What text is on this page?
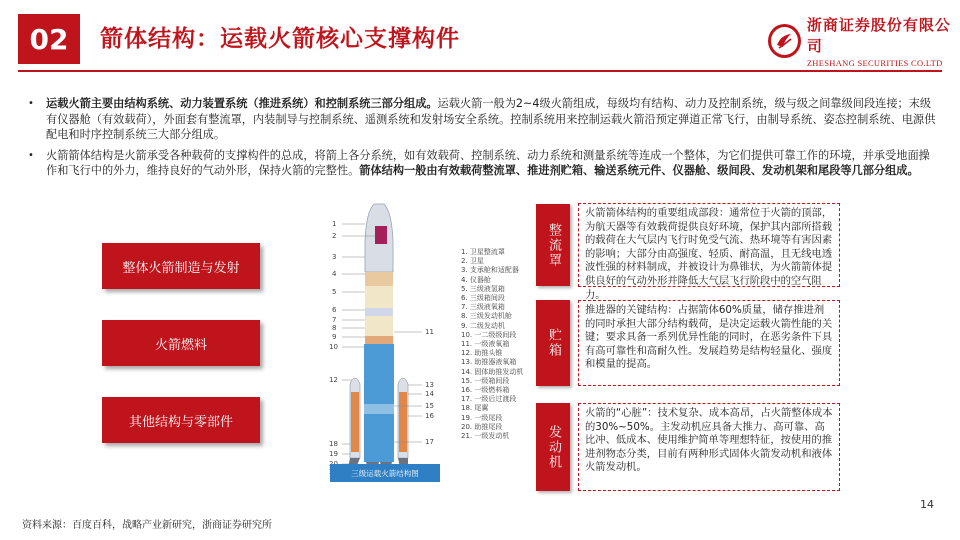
02	箭体结构：运载火箭核心支撑构件
浙商证券股份有限公司
ZHESHANG SECURITIES CO.LTD
•	运载火箭主要由结构系统、动力装置系统（推进系统）和控制系统三部分组成。运载火箭一般为2~4级火箭组成，每级均有结构、动力及控制系统，级与级之间靠级间段连接；末级有仪器舱（有效载荷），外面套有整流罩，内装制导与控制系统、遥测系统和发射场安全系统。控制系统用来控制运载火箭沿预定弹道正常飞行，由制导系统、姿态控制系统、电源供配电和时序控制系统三大部分组成。
•	火箭箭体结构是火箭承受各种载荷的支撑构件的总成，将箭上各分系统，如有效载荷、控制系统、动力系统和测量系统等连成一个整体，为它们提供可靠工作的环境，并承受地面操作和飞行中的外力，维持良好的气动外形，保持火箭的完整性。箭体结构一般由有效载荷整流罩、推进剂贮箱、输送系统元件、仪器舱、级间段、发动机架和尾段等几部分组成。
整体火箭制造与发射
火箭燃料
其他结构与零部件
1
2
3
4
5
6
7
8
9
10
12
18
19
11
13
14
15
16
17
1. 卫星整流罩
2. 卫星
3. 支承舱和适配器
4. 仪器舱
5. 三级液氢箱
6. 三级箱间段
7. 三级液氧箱
8. 三级发动机舱
9. 二级发动机
10. 一二级级间段
11. 一级液氧箱
12. 助推头锥
13. 助推器液氧箱
14. 固体助推发动机
15. 一级箱间段
16. 一级燃料箱
17. 一级后过渡段
18. 尾翼
19. 一级尾段
20. 助推尾段
21. 一级发动机
三级运载火箭结构图
整流罩
火箭箭体结构的重要组成部段：通常位于火箭的顶部，为航天器等有效载荷提供良好环境，保护其内部所搭载的载荷在大气层内飞行时免受气流、热环境等有害因素的影响；大部分由高强度、轻质、耐高温，且无线电透波性强的材料制成，并被设计为鼻锥状，为火箭箭体提供良好的气动外形并降低大气层飞行阶段中的空气阻力。
贮箱
推进器的关键结构：占据箭体60%质量，储存推进剂的同时承担大部分结构载荷，是决定运载火箭性能的关键；要求具备一系列优异性能的同时，在恶劣条件下具有高可靠性和高耐久性。发展趋势是结构轻量化、强度和模量的提高。
发动机
火箭的“心脏”：技术复杂、成本高昂，占火箭整体成本的30%~50%。主发动机应具备大推力、高可靠、高比冲、低成本、使用维护简单等理想特征，按使用的推进剂物态分类，目前有两种形式固体火箭发动机和液体火箭发动机。
14
资料来源：百度百科，战略产业新研究，浙商证券研究所
